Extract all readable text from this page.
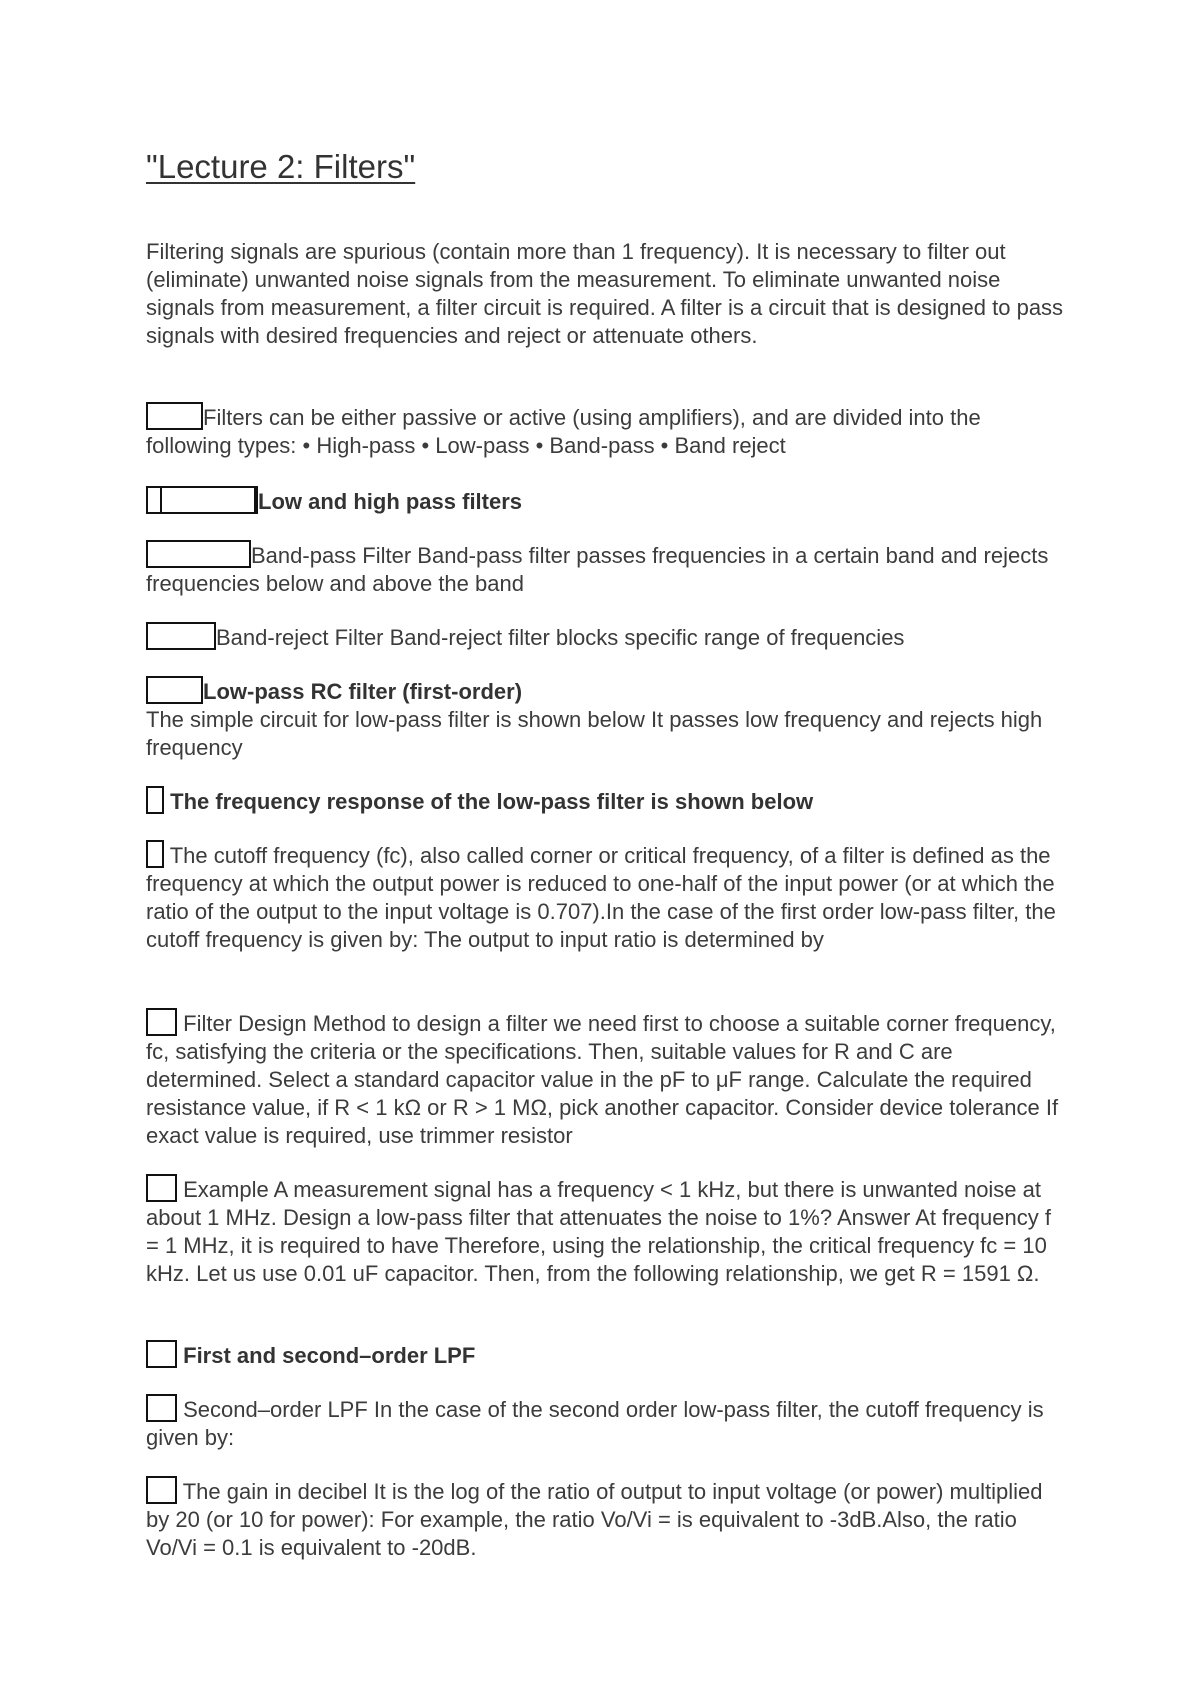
"Lecture 2: Filters"

Filtering signals are spurious (contain more than 1 frequency). It is necessary to filter out (eliminate) unwanted noise signals from the measurement. To eliminate unwanted noise signals from measurement, a filter circuit is required. A filter is a circuit that is designed to pass signals with desired frequencies and reject or attenuate others.

Filters can be either passive or active (using amplifiers), and are divided into the following types: • High-pass • Low-pass • Band-pass • Band reject

Low and high pass filters

Band-pass Filter Band-pass filter passes frequencies in a certain band and rejects frequencies below and above the band

Band-reject Filter Band-reject filter blocks specific range of frequencies

Low-pass RC filter (first-order)
The simple circuit for low-pass filter is shown below It passes low frequency and rejects high frequency

The frequency response of the low-pass filter is shown below

The cutoff frequency (fc), also called corner or critical frequency, of a filter is defined as the frequency at which the output power is reduced to one-half of the input power (or at which the ratio of the output to the input voltage is 0.707).In the case of the first order low-pass filter, the cutoff frequency is given by: The output to input ratio is determined by

Filter Design Method to design a filter we need first to choose a suitable corner frequency, fc, satisfying the criteria or the specifications. Then, suitable values for R and C are determined. Select a standard capacitor value in the pF to μF range. Calculate the required resistance value, if R < 1 kΩ or R > 1 MΩ, pick another capacitor. Consider device tolerance If exact value is required, use trimmer resistor

Example A measurement signal has a frequency < 1 kHz, but there is unwanted noise at about 1 MHz. Design a low-pass filter that attenuates the noise to 1%? Answer At frequency f = 1 MHz, it is required to have Therefore, using the relationship, the critical frequency fc = 10 kHz. Let us use 0.01 uF capacitor. Then, from the following relationship, we get R = 1591 Ω.

First and second–order LPF

Second–order LPF In the case of the second order low-pass filter, the cutoff frequency is given by:

The gain in decibel It is the log of the ratio of output to input voltage (or power) multiplied by 20 (or 10 for power): For example, the ratio Vo/Vi = is equivalent to -3dB.Also, the ratio Vo/Vi = 0.1 is equivalent to -20dB.
